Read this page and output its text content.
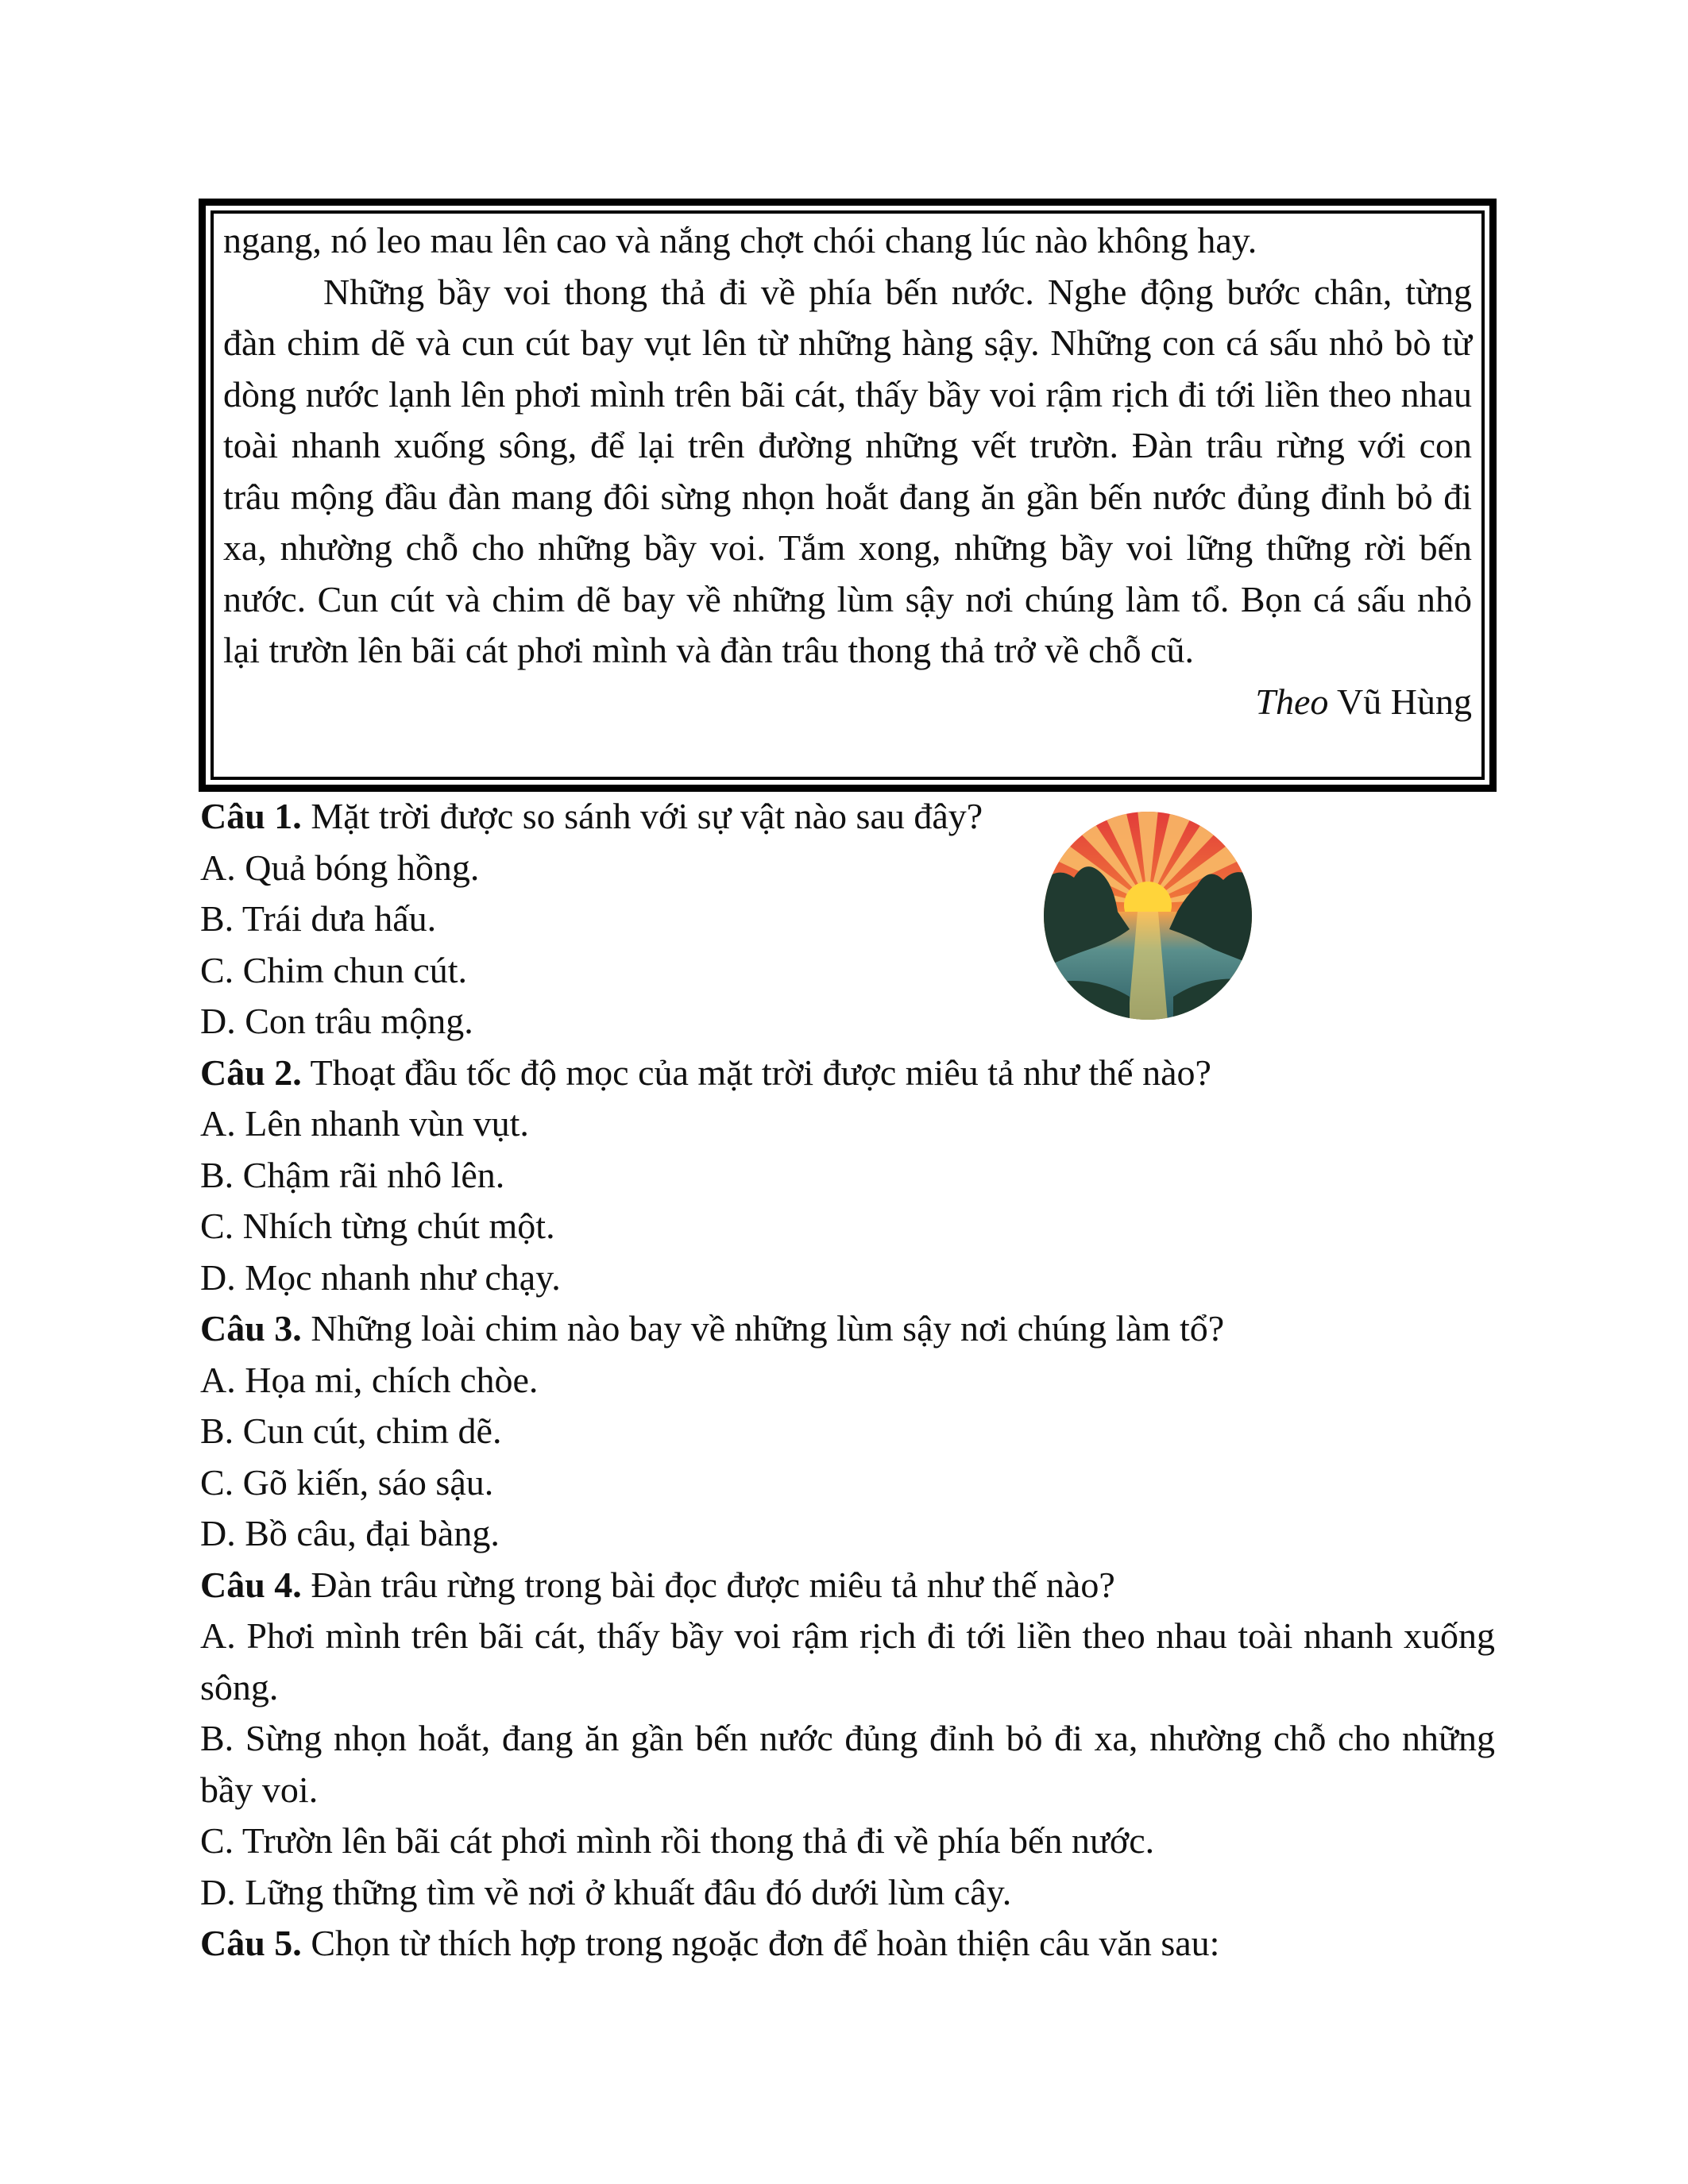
ngang, nó leo mau lên cao và nắng chợt chói chang lúc nào không hay.

Những bầy voi thong thả đi về phía bến nước. Nghe động bước chân, từng đàn chim dẽ và cun cút bay vụt lên từ những hàng sậy. Những con cá sấu nhỏ bò từ dòng nước lạnh lên phơi mình trên bãi cát, thấy bầy voi rậm rịch đi tới liền theo nhau toài nhanh xuống sông, để lại trên đường những vết trườn. Đàn trâu rừng với con trâu mộng đầu đàn mang đôi sừng nhọn hoắt đang ăn gần bến nước đủng đỉnh bỏ đi xa, nhường chỗ cho những bầy voi. Tắm xong, những bầy voi lững thững rời bến nước. Cun cút và chim dẽ bay về những lùm sậy nơi chúng làm tổ. Bọn cá sấu nhỏ lại trườn lên bãi cát phơi mình và đàn trâu thong thả trở về chỗ cũ.

Theo Vũ Hùng

Câu 1. Mặt trời được so sánh với sự vật nào sau đây?

A. Quả bóng hồng.

B. Trái dưa hấu.

C. Chim chun cút.

D. Con trâu mộng.

Câu 2. Thoạt đầu tốc độ mọc của mặt trời được miêu tả như thế nào?

A. Lên nhanh vùn vụt.

B. Chậm rãi nhô lên.

C. Nhích từng chút một.

D. Mọc nhanh như chạy.

Câu 3. Những loài chim nào bay về những lùm sậy nơi chúng làm tổ?

A. Họa mi, chích chòe.

B. Cun cút, chim dẽ.

C. Gõ kiến, sáo sậu.

D. Bồ câu, đại bàng.

Câu 4. Đàn trâu rừng trong bài đọc được miêu tả như thế nào?

A. Phơi mình trên bãi cát, thấy bầy voi rậm rịch đi tới liền theo nhau toài nhanh xuống sông.

B. Sừng nhọn hoắt, đang ăn gần bến nước đủng đỉnh bỏ đi xa, nhường chỗ cho những bầy voi.

C. Trườn lên bãi cát phơi mình rồi thong thả đi về phía bến nước.

D. Lững thững tìm về nơi ở khuất đâu đó dưới lùm cây.

Câu 5. Chọn từ thích hợp trong ngoặc đơn để hoàn thiện câu văn sau:
